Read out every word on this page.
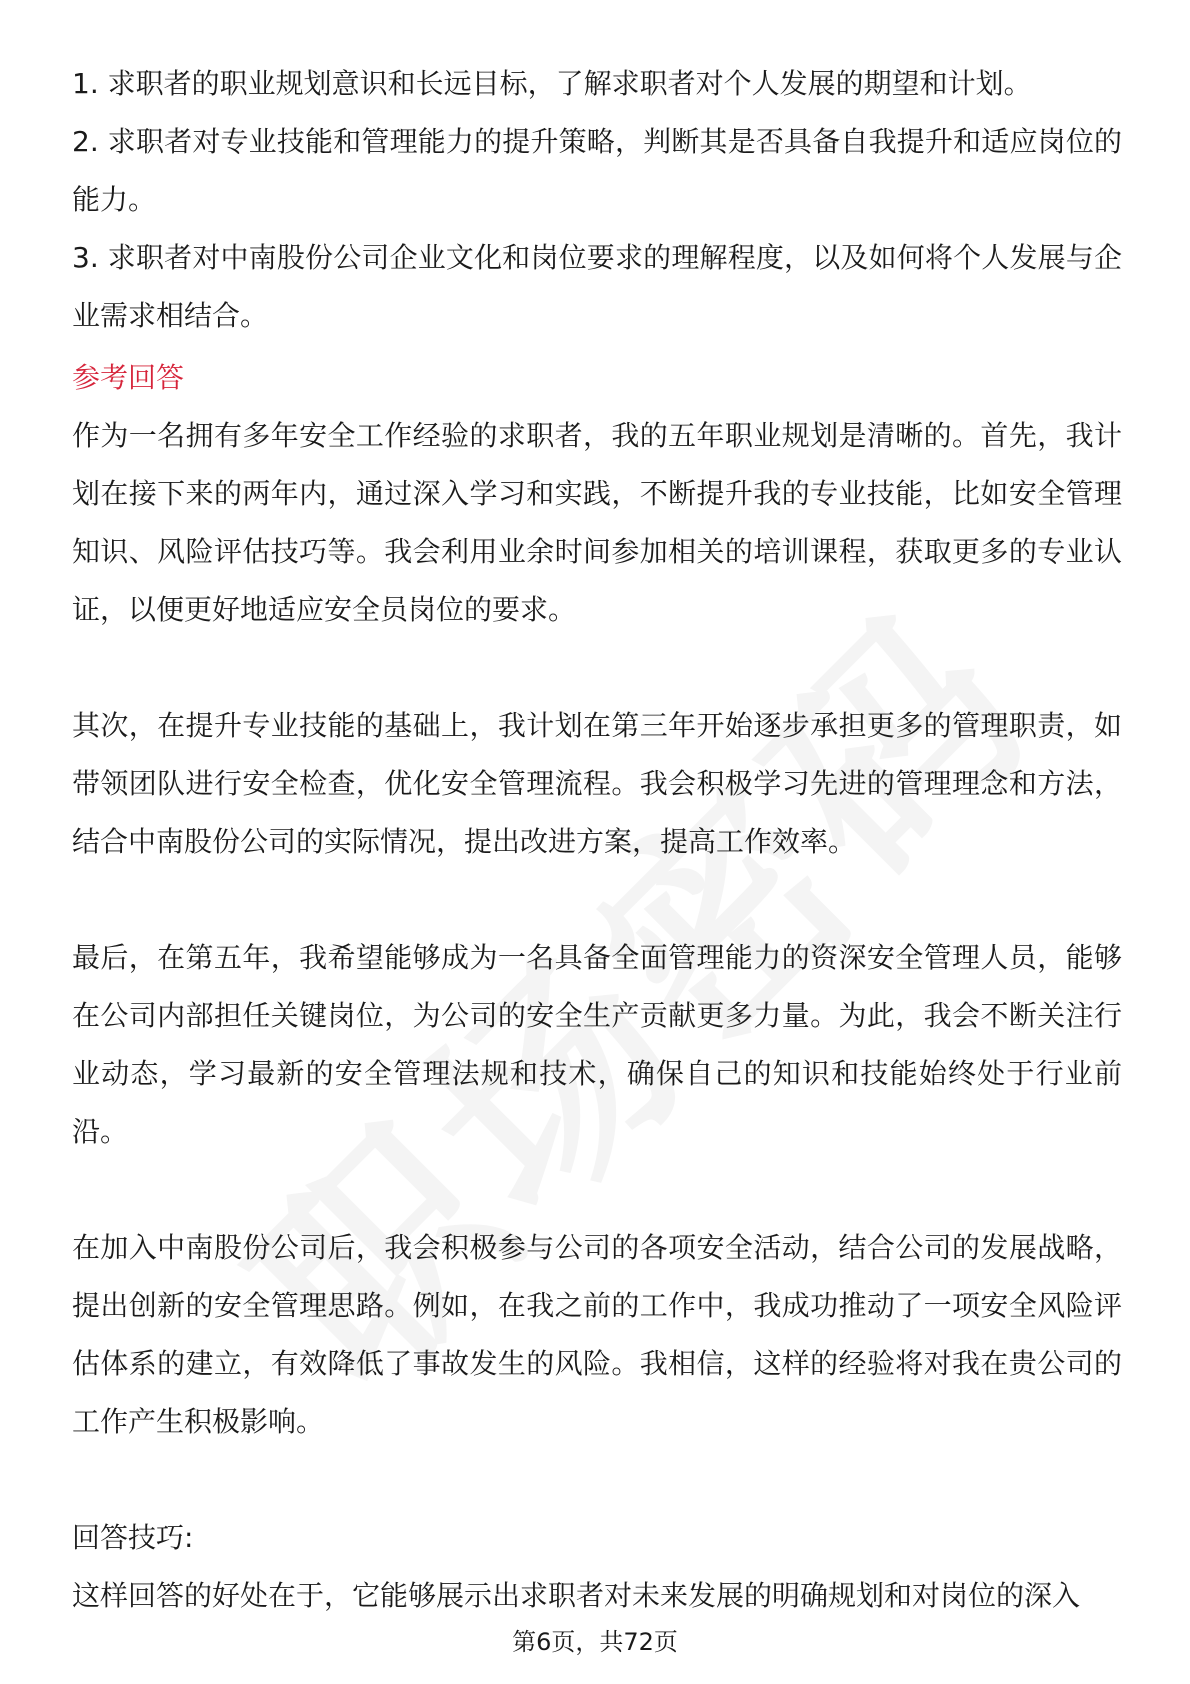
1. 求职者的职业规划意识和长远目标，了解求职者对个人发展的期望和计划。

2. 求职者对专业技能和管理能力的提升策略，判断其是否具备自我提升和适应岗位的能力。

3. 求职者对中南股份公司企业文化和岗位要求的理解程度，以及如何将个人发展与企业需求相结合。

参考回答

作为一名拥有多年安全工作经验的求职者，我的五年职业规划是清晰的。首先，我计划在接下来的两年内，通过深入学习和实践，不断提升我的专业技能，比如安全管理知识、风险评估技巧等。我会利用业余时间参加相关的培训课程，获取更多的专业认证，以便更好地适应安全员岗位的要求。

其次，在提升专业技能的基础上，我计划在第三年开始逐步承担更多的管理职责，如带领团队进行安全检查，优化安全管理流程。我会积极学习先进的管理理念和方法，结合中南股份公司的实际情况，提出改进方案，提高工作效率。

最后，在第五年，我希望能够成为一名具备全面管理能力的资深安全管理人员，能够在公司内部担任关键岗位，为公司的安全生产贡献更多力量。为此，我会不断关注行业动态，学习最新的安全管理法规和技术，确保自己的知识和技能始终处于行业前沿。

在加入中南股份公司后，我会积极参与公司的各项安全活动，结合公司的发展战略，提出创新的安全管理思路。例如，在我之前的工作中，我成功推动了一项安全风险评估体系的建立，有效降低了事故发生的风险。我相信，这样的经验将对我在贵公司的工作产生积极影响。

回答技巧:

这样回答的好处在于，它能够展示出求职者对未来发展的明确规划和对岗位的深入

第6页，共72页
